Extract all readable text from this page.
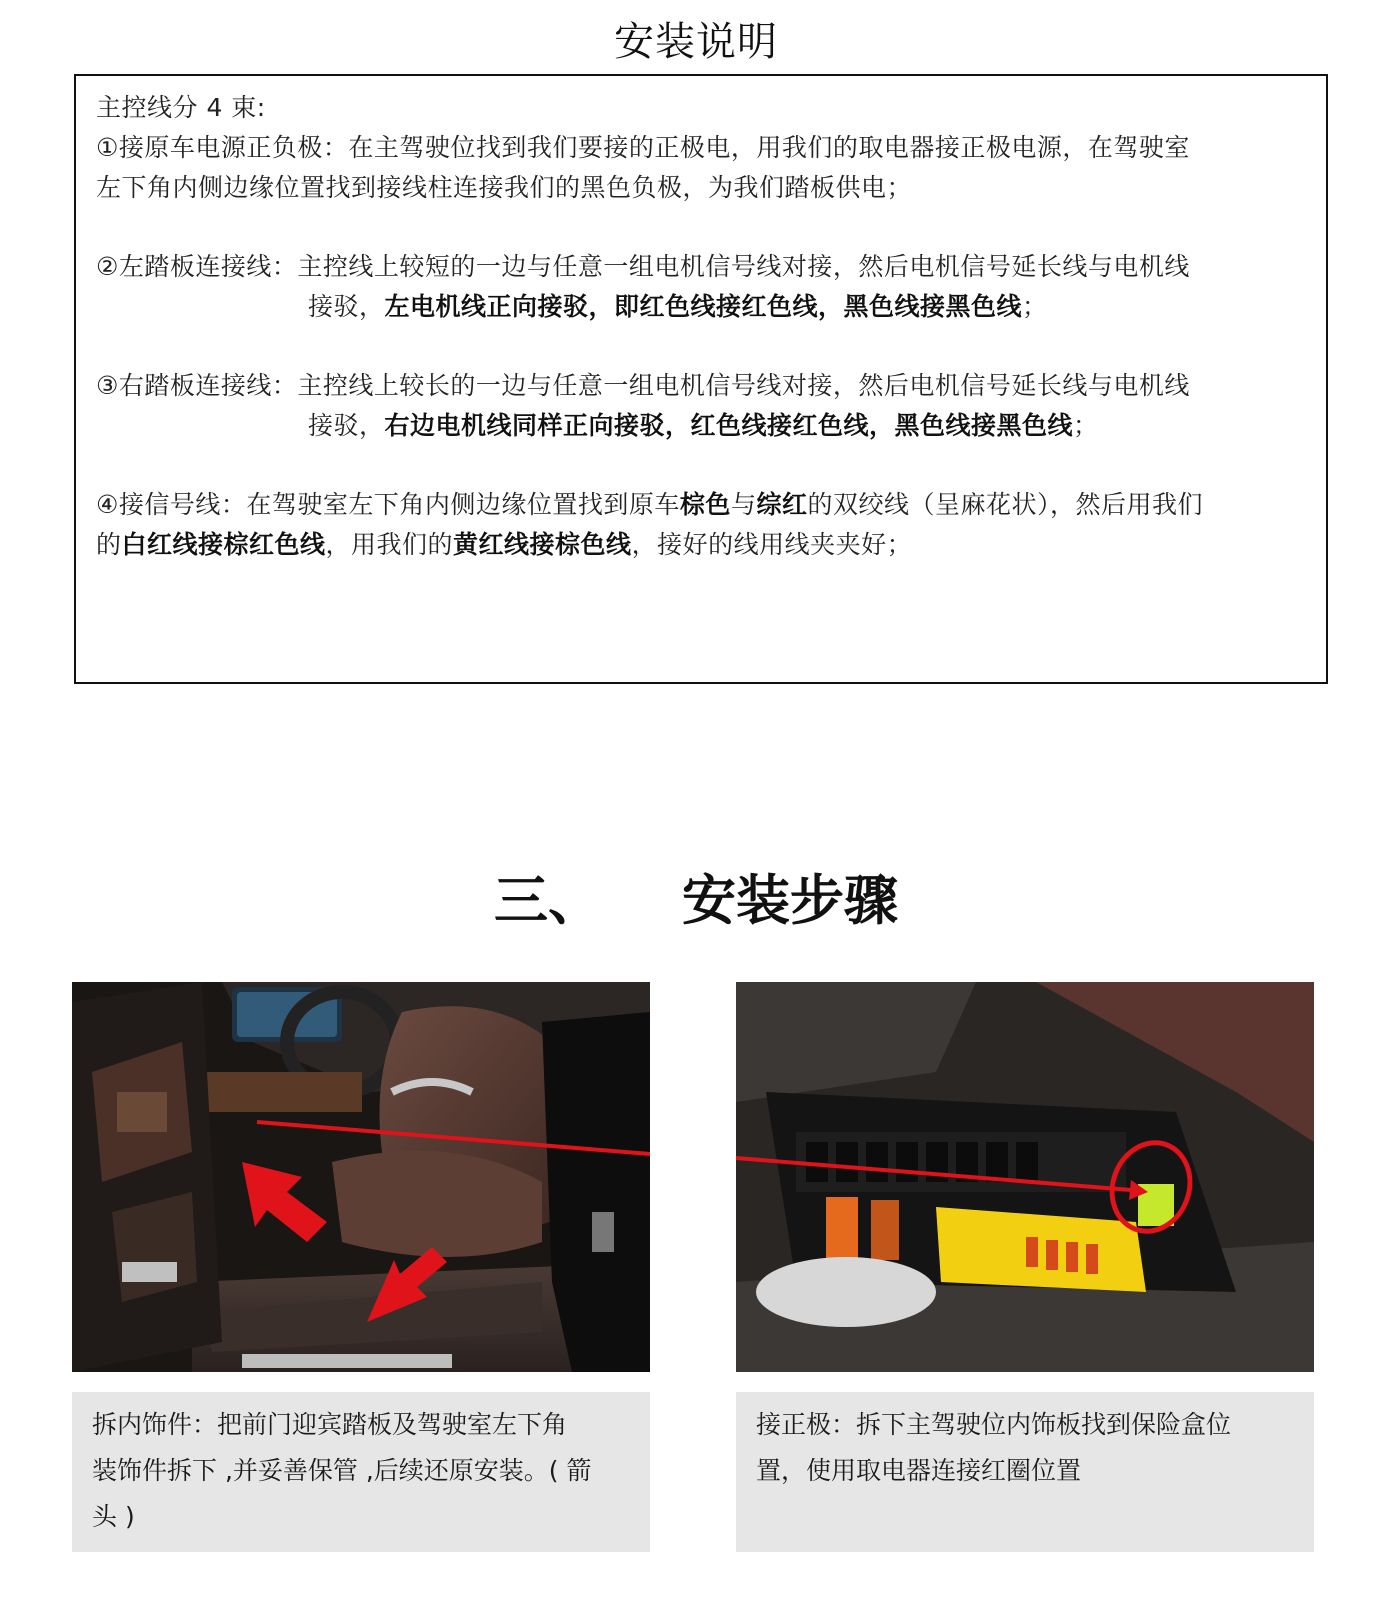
安装说明
主控线分 4 束:
①接原车电源正负极：在主驾驶位找到我们要接的正极电，用我们的取电器接正极电源，在驾驶室
左下角内侧边缘位置找到接线柱连接我们的黑色负极，为我们踏板供电；
②左踏板连接线：主控线上较短的一边与任意一组电机信号线对接，然后电机信号延长线与电机线
接驳，左电机线正向接驳，即红色线接红色线，黑色线接黑色线；
③右踏板连接线：主控线上较长的一边与任意一组电机信号线对接，然后电机信号延长线与电机线
接驳，右边电机线同样正向接驳，红色线接红色线，黑色线接黑色线；
④接信号线：在驾驶室左下角内侧边缘位置找到原车棕色与综红的双绞线（呈麻花状），然后用我们
的白红线接棕红色线，用我们的黄红线接棕色线，接好的线用线夹夹好；
三、 安装步骤
拆内饰件：把前门迎宾踏板及驾驶室左下角
装饰件拆下 ,并妥善保管 ,后续还原安装。( 箭
头 )
接正极：拆下主驾驶位内饰板找到保险盒位
置，使用取电器连接红圈位置
